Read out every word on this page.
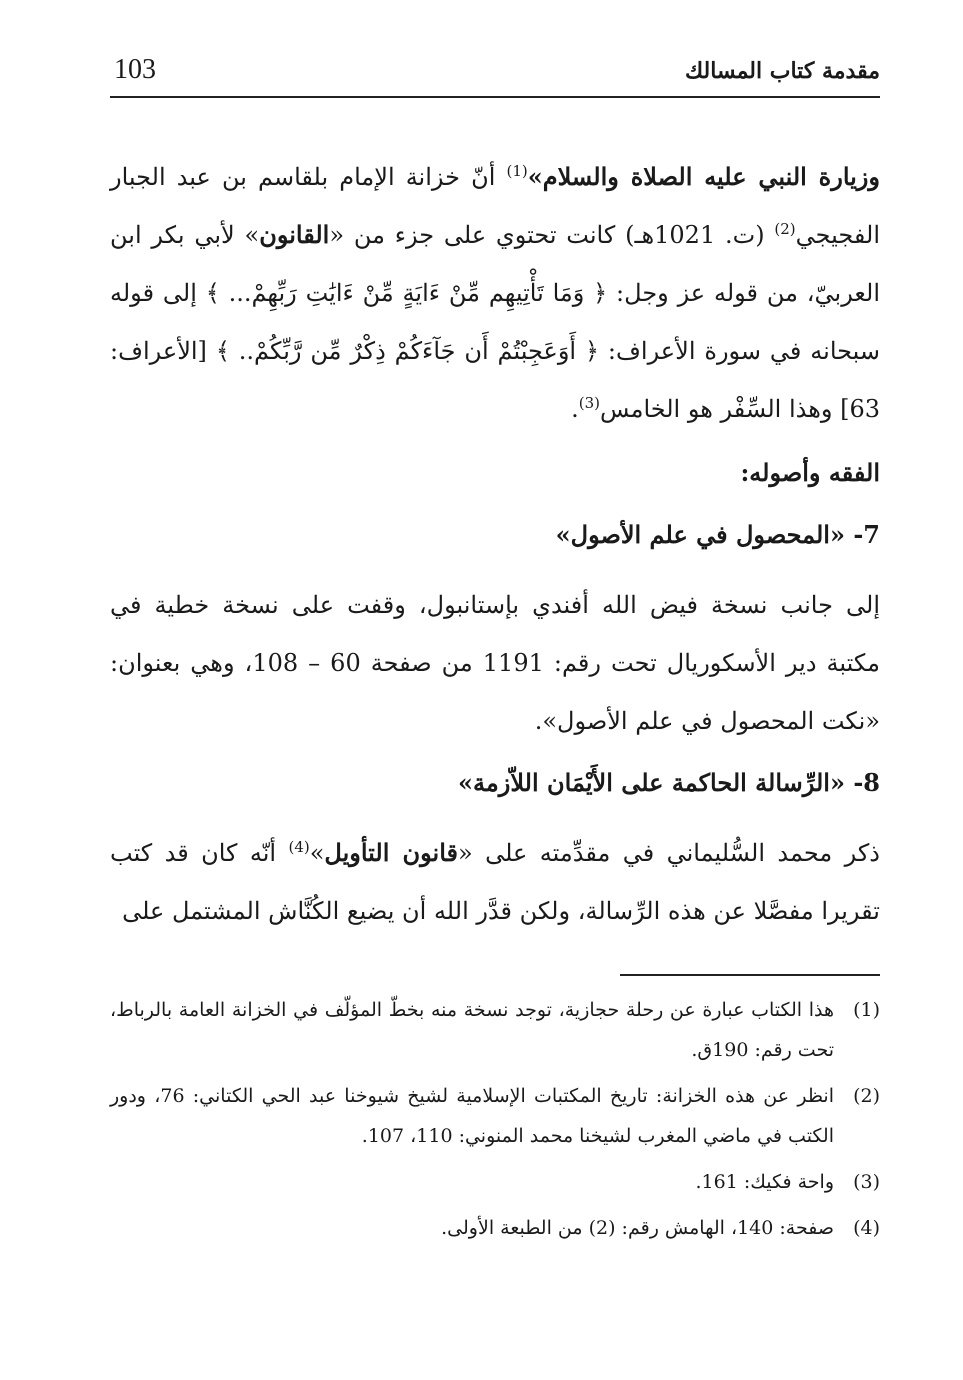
مقدمة كتاب المسالك
103

وزيارة النبي عليه الصلاة والسلام»$^{(1)}$ أنّ خزانة الإمام بلقاسم بن عبد الجبار الفجيجي$^{(2)}$ (ت. 1021هـ) كانت تحتوي على جزء من «القانون» لأبي بكر ابن العربيّ، من قوله عز وجل: ﴿ وَمَا تَأْتِيهِم مِّنْ ءَايَةٍ مِّنْ ءَايَٰتِ رَبِّهِمْ... ﴾ إلى قوله سبحانه في سورة الأعراف: ﴿ أَوَعَجِبْتُمْ أَن جَآءَكُمْ ذِكْرٌ مِّن رَّبِّكُمْ.. ﴾ [الأعراف: 63] وهذا السِّفْر هو الخامس$^{(3)}$.

الفقه وأصوله:
7- «المحصول في علم الأصول»

إلى جانب نسخة فيض الله أفندي بإستانبول، وقفت على نسخة خطية في مكتبة دير الأسكوريال تحت رقم: 1191 من صفحة 60 – 108، وهي بعنوان: «نكت المحصول في علم الأصول».

8- «الرِّسالة الحاكمة على الأَيْمَان اللاّزمة»

ذكر محمد السُّليماني في مقدِّمته على «قانون التأويل»$^{(4)}$ أنّه كان قد كتب تقريرا مفصَّلا عن هذه الرِّسالة، ولكن قدَّر الله أن يضيع الكُنَّاش المشتمل على

(1)
هذا الكتاب عبارة عن رحلة حجازية، توجد نسخة منه بخطّ المؤلّف في الخزانة العامة بالرباط، تحت رقم: 190ق.

(2)
انظر عن هذه الخزانة: تاريخ المكتبات الإسلامية لشيخ شيوخنا عبد الحي الكتاني: 76، ودور الكتب في ماضي المغرب لشيخنا محمد المنوني: 110، 107.

(3)
واحة فكيك: 161.

(4)
صفحة: 140، الهامش رقم: (2) من الطبعة الأولى.
